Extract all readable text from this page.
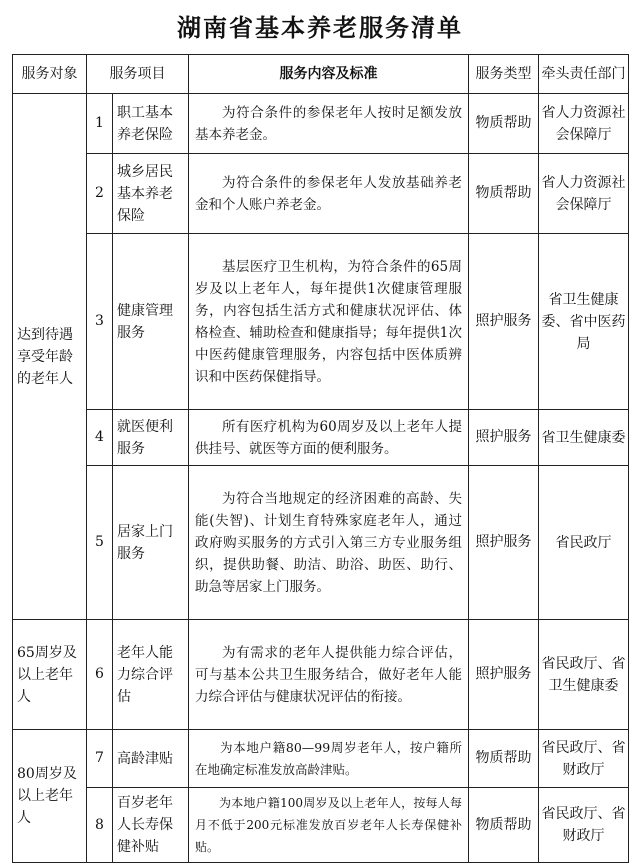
湖南省基本养老服务清单
服务对象	服务项目		服务内容及标准	服务类型	牵头责任部门
达到待遇享受年龄的老年人	1	职工基本养老保险	为符合条件的参保老年人按时足额发放基本养老金。	物质帮助	省人力资源社会保障厅
	2	城乡居民基本养老保险	为符合条件的参保老年人发放基础养老金和个人账户养老金。	物质帮助	省人力资源社会保障厅
	3	健康管理服务	基层医疗卫生机构，为符合条件的65周岁及以上老年人，每年提供1次健康管理服务，内容包括生活方式和健康状况评估、体格检查、辅助检查和健康指导；每年提供1次中医药健康管理服务，内容包括中医体质辨识和中医药保健指导。	照护服务	省卫生健康委、省中医药局
	4	就医便利服务	所有医疗机构为60周岁及以上老年人提供挂号、就医等方面的便利服务。	照护服务	省卫生健康委
	5	居家上门服务	为符合当地规定的经济困难的高龄、失能(失智)、计划生育特殊家庭老年人，通过政府购买服务的方式引入第三方专业服务组织，提供助餐、助洁、助浴、助医、助行、助急等居家上门服务。	照护服务	省民政厅
65周岁及以上老年人	6	老年人能力综合评估	为有需求的老年人提供能力综合评估，可与基本公共卫生服务结合，做好老年人能力综合评估与健康状况评估的衔接。	照护服务	省民政厅、省卫生健康委
80周岁及以上老年人	7	高龄津贴	为本地户籍80—99周岁老年人，按户籍所在地确定标准发放高龄津贴。	物质帮助	省民政厅、省财政厅
	8	百岁老年人长寿保健补贴	为本地户籍100周岁及以上老年人，按每人每月不低于200元标准发放百岁老年人长寿保健补贴。	物质帮助	省民政厅、省财政厅
